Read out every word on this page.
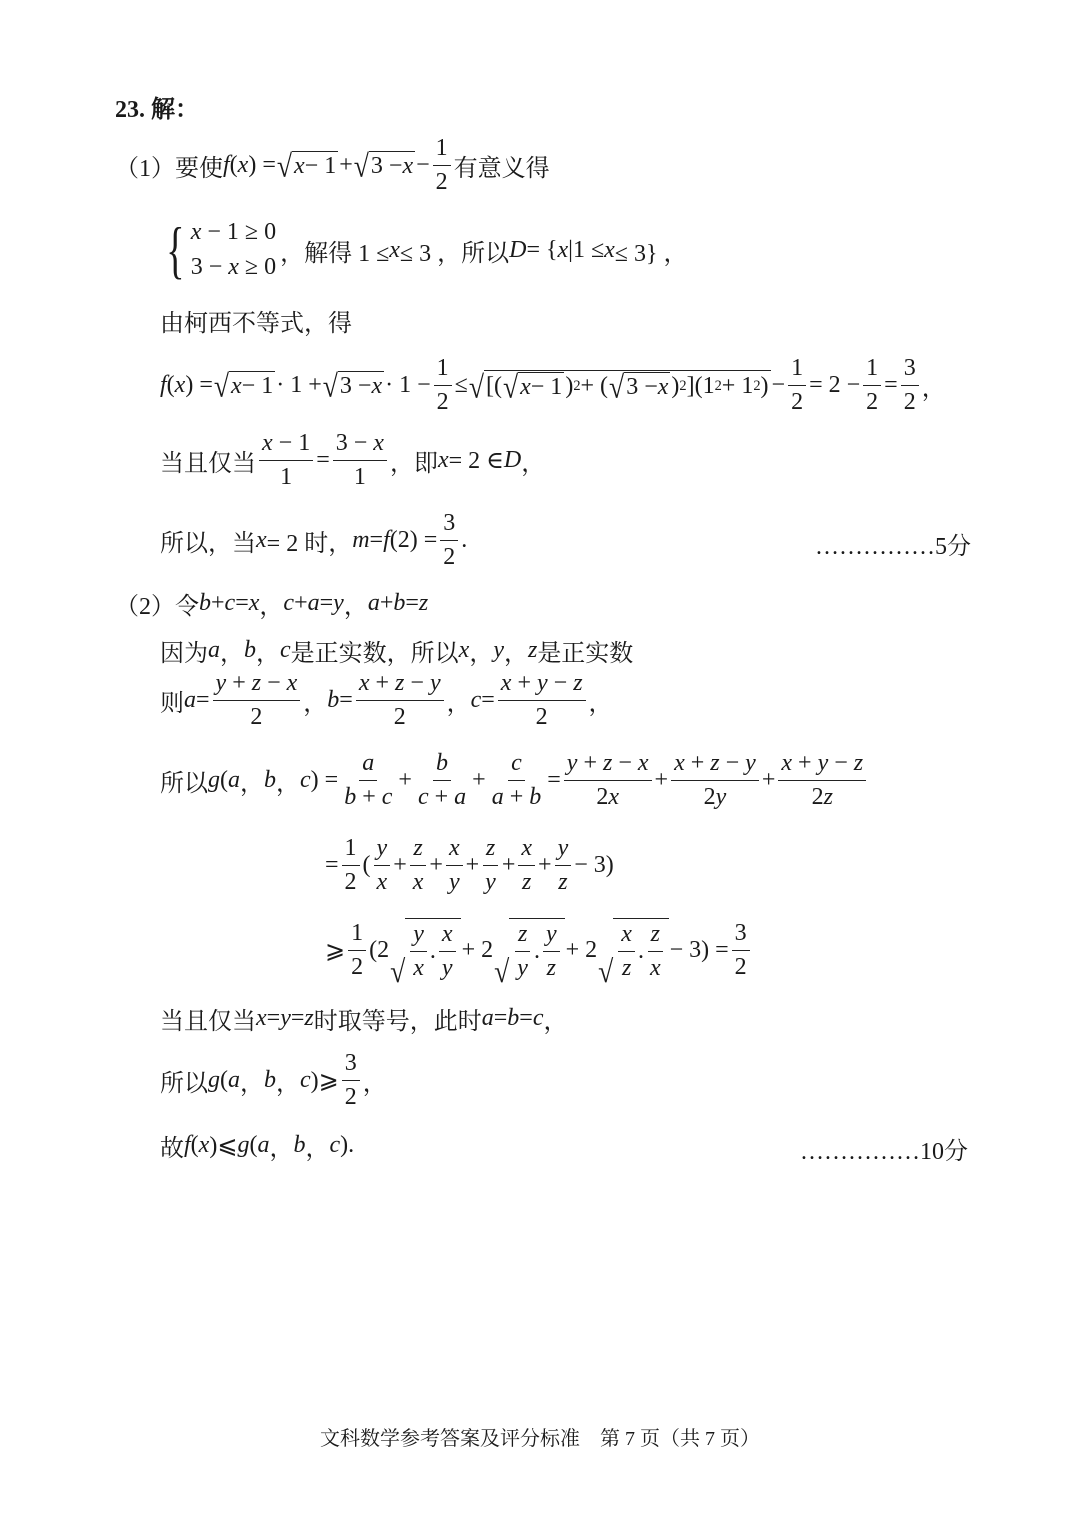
23. 解：
（1）要使 f ( x ) = √ x − 1 + √ $3 - x - \frac{1}{2}$ 有意义得
{ x − 1 ≥ 0
3 − x ≥ 0
，解得 1 ≤ x ≤ 3 ，所以 D = { x |1 ≤ x ≤ 3} ，
由柯西不等式，得
f ( x ) = √ x − 1 · 1 + √ $3 - x \cdot 1 - \frac{1}{2}$ ≤ √ [( √ x − 1 ) 2 + ( √ 3 − x ) 2 ](1 2 + 1 2 ) − $\frac{1}{2} = 2 - \frac{1}{2} = \frac{3}{2}$ ，
当且仅当 $\frac{x - 1}{1} = \frac{3 - x}{1}$ ，即 x = 2 ∈ D ，
所以，当 x = 2 时， m = f $(2) = \frac{3}{2}$ .
（2）令 b + c = x ， c + a = y ， a + b = z
因为 a ， b ， c 是正实数，所以 x ， y ， z 是正实数
则 $a = \frac{y + z - x}{2}$ ， $b = \frac{x + z - y}{2}$ ， $c = \frac{x + y - z}{2}$ ，
所以 g ( a ， b ， c ) = $\frac{a}{b + c} + \frac{b}{c + a} + \frac{c}{a + b} = \frac{y + z - x}{2x} + \frac{x + z - y}{2y} + \frac{x + y - z}{2z}$
= $\frac{1}{2}$ ( $\frac{y}{x} + \frac{z}{x} + \frac{x}{y} + \frac{z}{y} + \frac{x}{z} + \frac{y}{z} - 3$)
⩾ $\frac{1}{2} (2$
√ $\frac{y}{x}$ . $\frac{x}{y} + 2$
√ $\frac{z}{y}$ . $\frac{y}{z} + 2$
√ $\frac{x}{z}$ . $\frac{z}{x} - 3) = \frac{3}{2}$
当且仅当 x = y = z 时取等号，此时 a = b = c ，
所以 g ( a ， b ， c )⩾ $\frac{3}{2}$ ，
故 f ( x )⩽ g ( a ， b ， c ).
……………5分
……………10分
文科数学参考答案及评分标准　第 7 页（共 7 页）
